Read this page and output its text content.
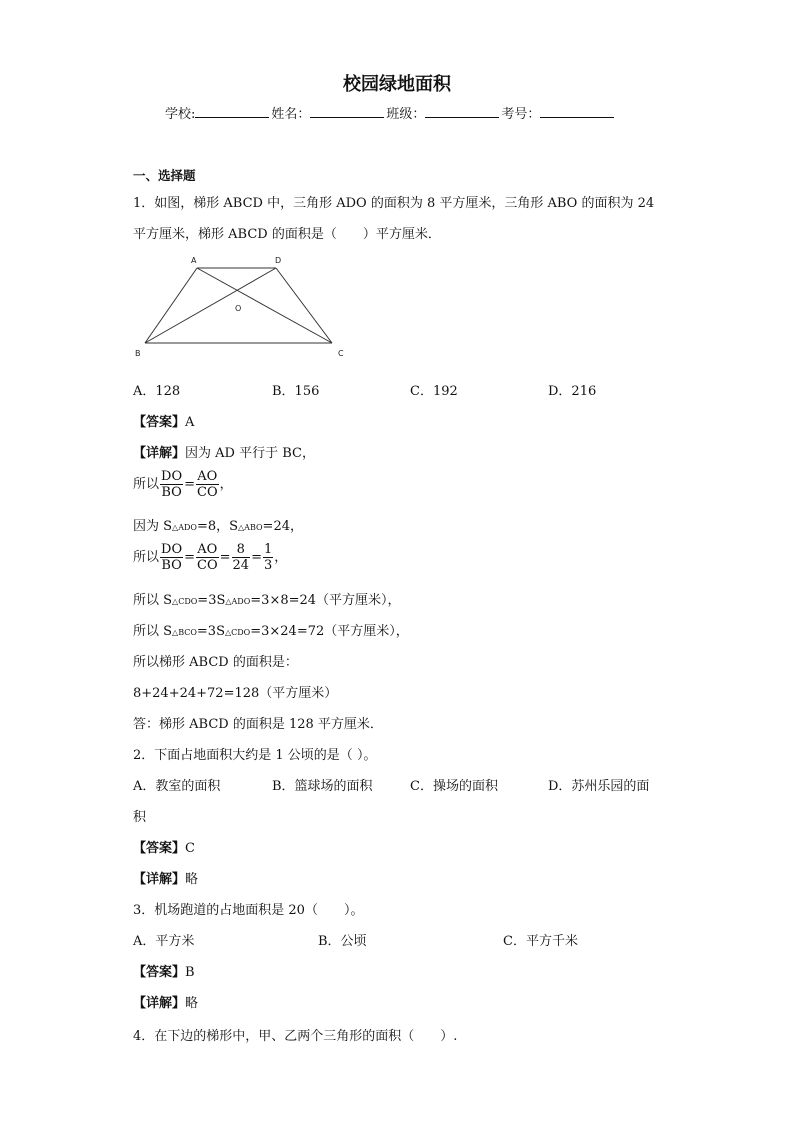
校园绿地面积
学校:	姓名：	班级：	考号：
一、选择题
1．如图，梯形 ABCD 中，三角形 ADO 的面积为 8 平方厘米，三角形 ABO 的面积为 24
平方厘米，梯形 ABCD 的面积是（　　）平方厘米．
A	D
O
B	C
A．128	B．156	C．192	D．216
【答案】A
【详解】因为 AD 平行于 BC，
所以 $\frac{DO}{BO} = \frac{AO}{CO}$ ，
因为 S△ADO=8，S△ABO=24，
所以 $\frac{DO}{BO} = \frac{AO}{CO} = \frac{8}{24} = \frac{1}{3}$ ，
所以 S△CDO=3S△ADO=3×8=24（平方厘米），
所以 S△BCO=3S△CDO=3×24=72（平方厘米），
所以梯形 ABCD 的面积是：
8+24+24+72=128（平方厘米）
答：梯形 ABCD 的面积是 128 平方厘米．
2．下面占地面积大约是 1 公顷的是（ ）。
A．教室的面积	B．篮球场的面积	C．操场的面积	D．苏州乐园的面
积
【答案】C
【详解】略
3．机场跑道的占地面积是 20（　　）。
A．平方米	B．公顷	C．平方千米
【答案】B
【详解】略
4．在下边的梯形中，甲、乙两个三角形的面积（　　）.
